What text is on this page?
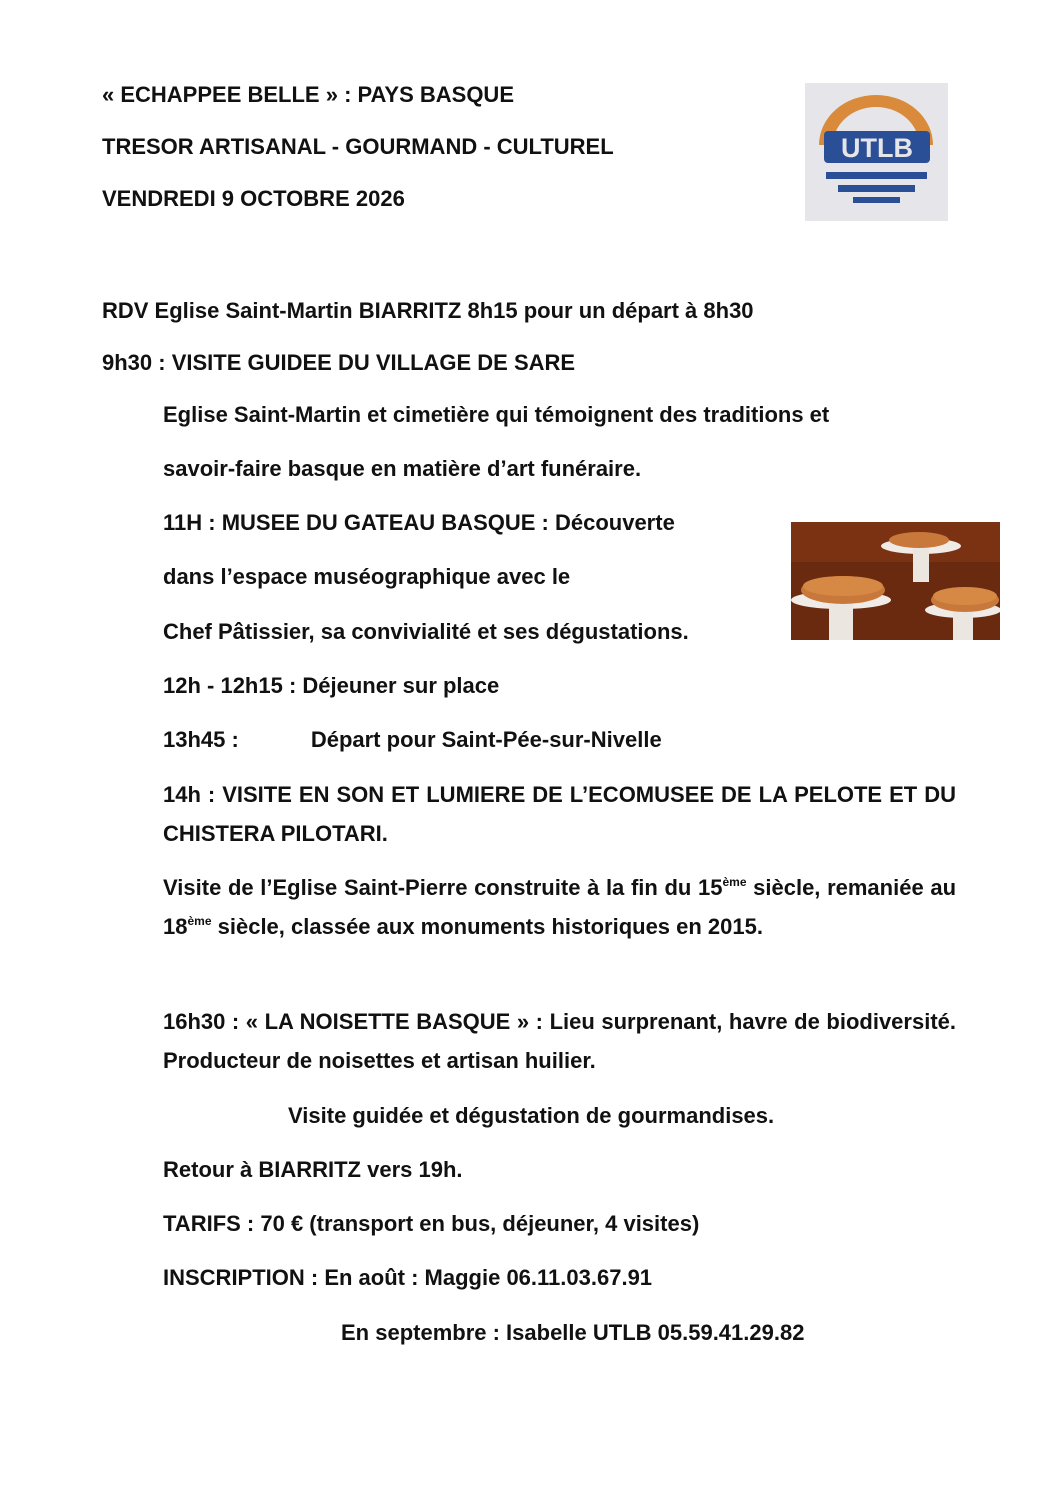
« ECHAPPEE BELLE » : PAYS BASQUE
TRESOR ARTISANAL - GOURMAND - CULTUREL
VENDREDI 9 OCTOBRE 2026
UTLB
RDV Eglise Saint-Martin BIARRITZ 8h15 pour un départ à 8h30
9h30 : VISITE GUIDEE DU VILLAGE DE SARE
Eglise Saint-Martin et cimetière qui témoignent des traditions et
savoir-faire basque en matière d’art funéraire.
11H : MUSEE DU GATEAU BASQUE : Découverte
dans l’espace muséographique avec le
Chef Pâtissier, sa convivialité et ses dégustations.
12h - 12h15 : Déjeuner sur place
13h45 :	Départ pour Saint-Pée-sur-Nivelle
14h : VISITE EN SON ET LUMIERE DE L’ECOMUSEE DE LA PELOTE ET DU CHISTERA PILOTARI.
Visite de l’Eglise Saint-Pierre construite à la fin du 15ème siècle, remaniée au 18ème siècle, classée aux monuments historiques en 2015.
16h30 : « LA NOISETTE BASQUE » : Lieu surprenant, havre de biodiversité. Producteur de noisettes et artisan huilier.
Visite guidée et dégustation de gourmandises.
Retour à BIARRITZ vers 19h.
TARIFS : 70 € (transport en bus, déjeuner, 4 visites)
INSCRIPTION : En août : Maggie 06.11.03.67.91
En septembre : Isabelle UTLB 05.59.41.29.82
